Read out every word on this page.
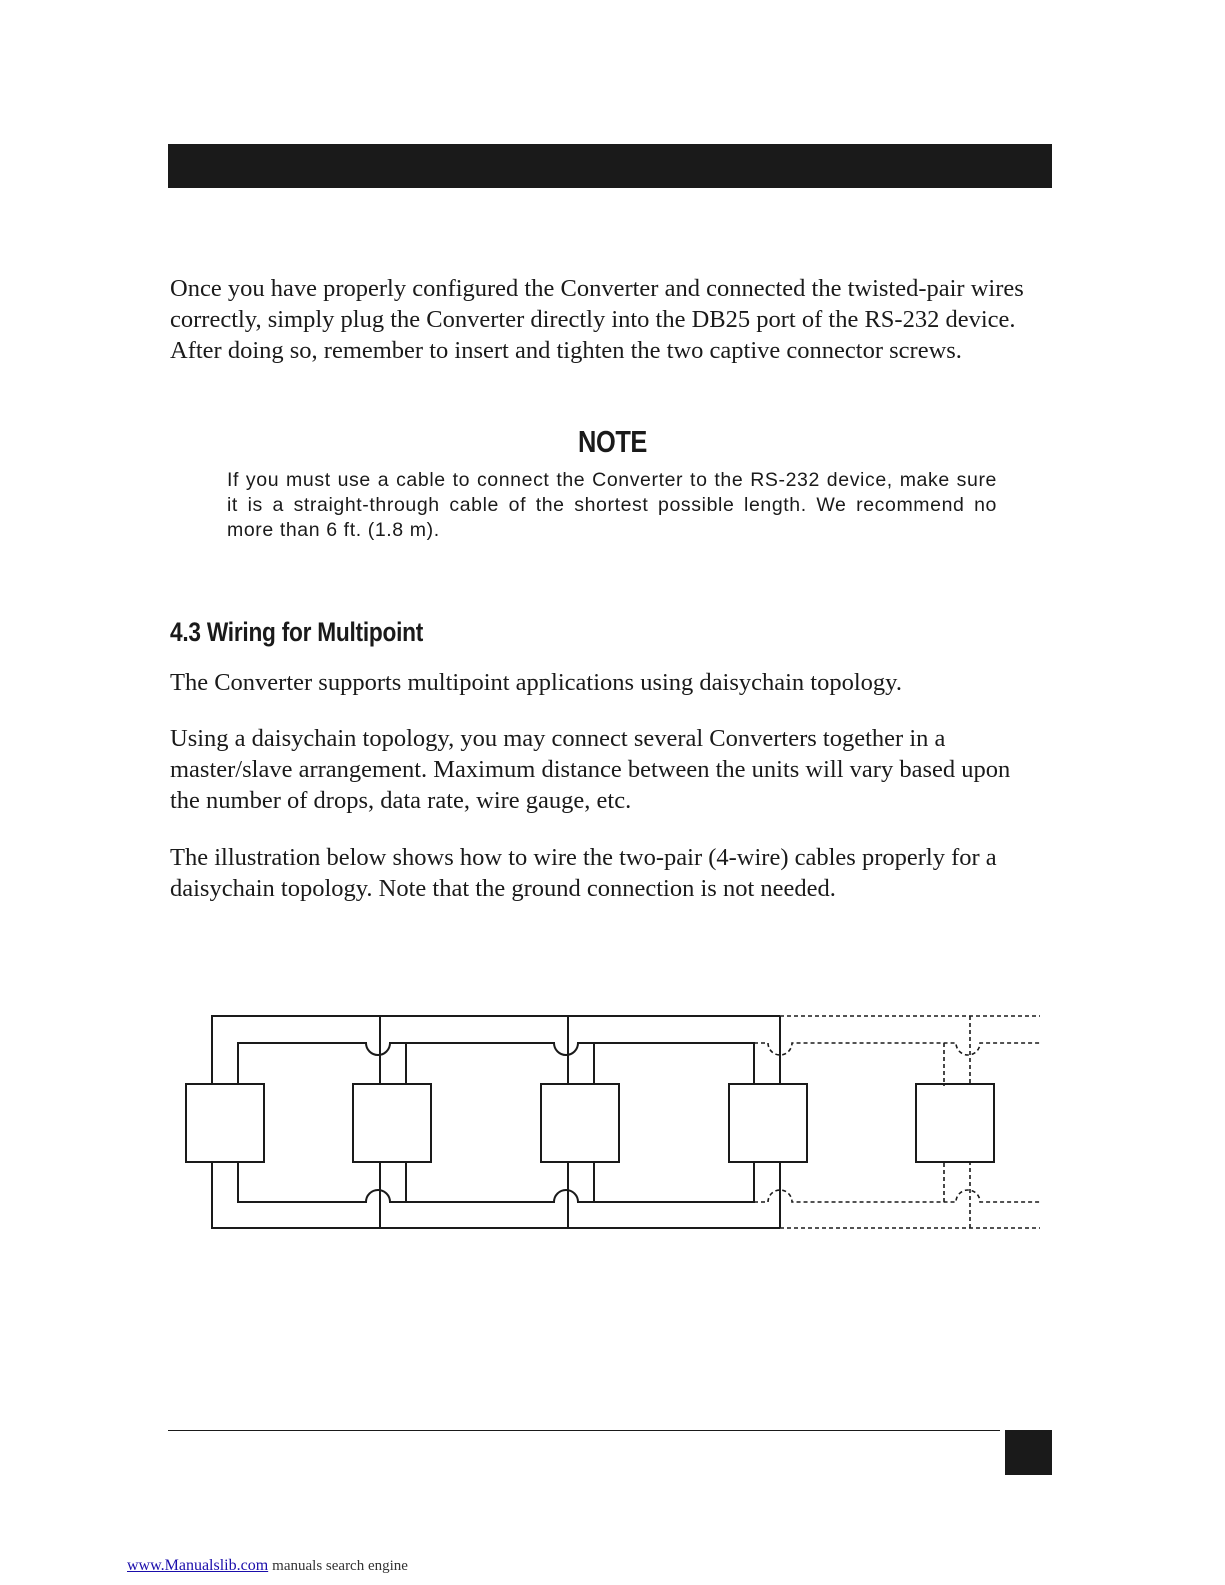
Once you have properly configured the Converter and connected the twisted-pair wires correctly, simply plug the Converter directly into the DB25 port of the RS-232 device. After doing so, remember to insert and tighten the two captive connector screws.

NOTE

If you must use a cable to connect the Converter to the RS-232 device, make sure it is a straight-through cable of the shortest possible length. We recommend no more than 6 ft. (1.8 m).

4.3 Wiring for Multipoint

The Converter supports multipoint applications using daisychain topology.

Using a daisychain topology, you may connect several Converters together in a master/slave arrangement. Maximum distance between the units will vary based upon the number of drops, data rate, wire gauge, etc.

The illustration below shows how to wire the two-pair (4-wire) cables properly for a daisychain topology. Note that the ground connection is not needed.

www.Manualslib.com manuals search engine
